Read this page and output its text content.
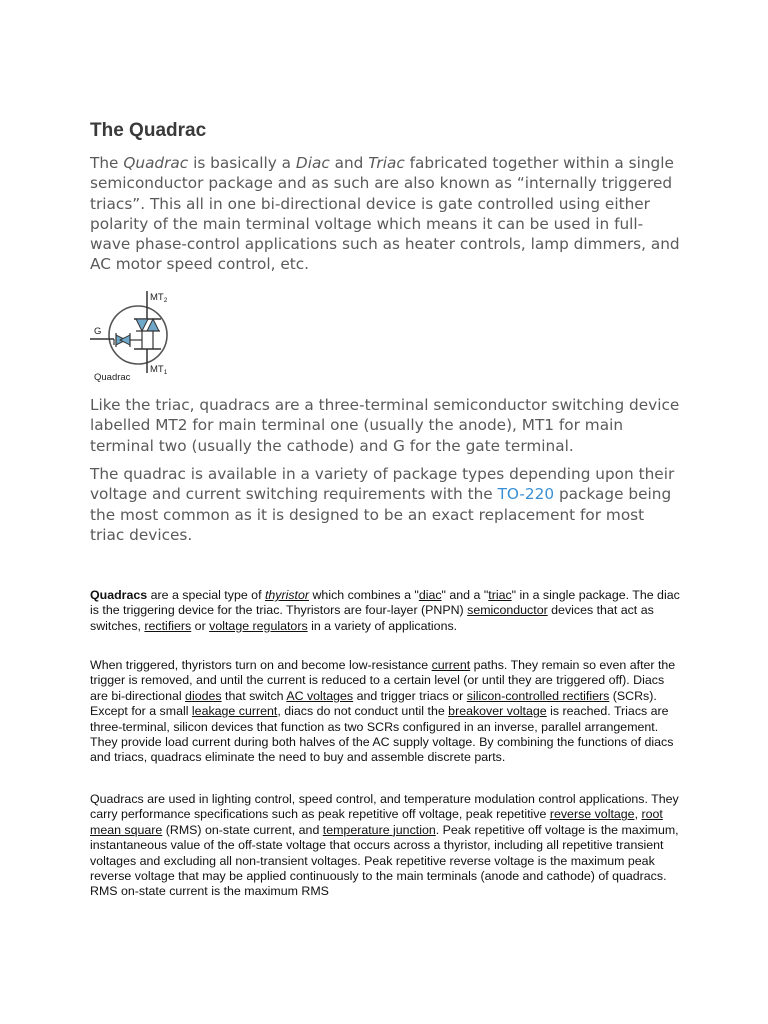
The Quadrac

The Quadrac is basically a Diac and Triac fabricated together within a single semiconductor package and as such are also known as “internally triggered triacs”. This all in one bi-directional device is gate controlled using either polarity of the main terminal voltage which means it can be used in full-wave phase-control applications such as heater controls, lamp dimmers, and AC motor speed control, etc.

$MT_2$
G
$MT_1$
Quadrac

Like the triac, quadracs are a three-terminal semiconductor switching device labelled MT2 for main terminal one (usually the anode), MT1 for main terminal two (usually the cathode) and G for the gate terminal.

The quadrac is available in a variety of package types depending upon their voltage and current switching requirements with the TO-220 package being the most common as it is designed to be an exact replacement for most triac devices.

Quadracs are a special type of thyristor which combines a "diac" and a "triac" in a single package. The diac is the triggering device for the triac. Thyristors are four-layer (PNPN) semiconductor devices that act as switches, rectifiers or voltage regulators in a variety of applications.

When triggered, thyristors turn on and become low-resistance current paths. They remain so even after the trigger is removed, and until the current is reduced to a certain level (or until they are triggered off). Diacs are bi-directional diodes that switch AC voltages and trigger triacs or silicon-controlled rectifiers (SCRs). Except for a small leakage current, diacs do not conduct until the breakover voltage is reached. Triacs are three-terminal, silicon devices that function as two SCRs configured in an inverse, parallel arrangement. They provide load current during both halves of the AC supply voltage. By combining the functions of diacs and triacs, quadracs eliminate the need to buy and assemble discrete parts.

Quadracs are used in lighting control, speed control, and temperature modulation control applications. They carry performance specifications such as peak repetitive off voltage, peak repetitive reverse voltage, root mean square (RMS) on-state current, and temperature junction. Peak repetitive off voltage is the maximum, instantaneous value of the off-state voltage that occurs across a thyristor, including all repetitive transient voltages and excluding all non-transient voltages. Peak repetitive reverse voltage is the maximum peak reverse voltage that may be applied continuously to the main terminals (anode and cathode) of quadracs. RMS on-state current is the maximum RMS
